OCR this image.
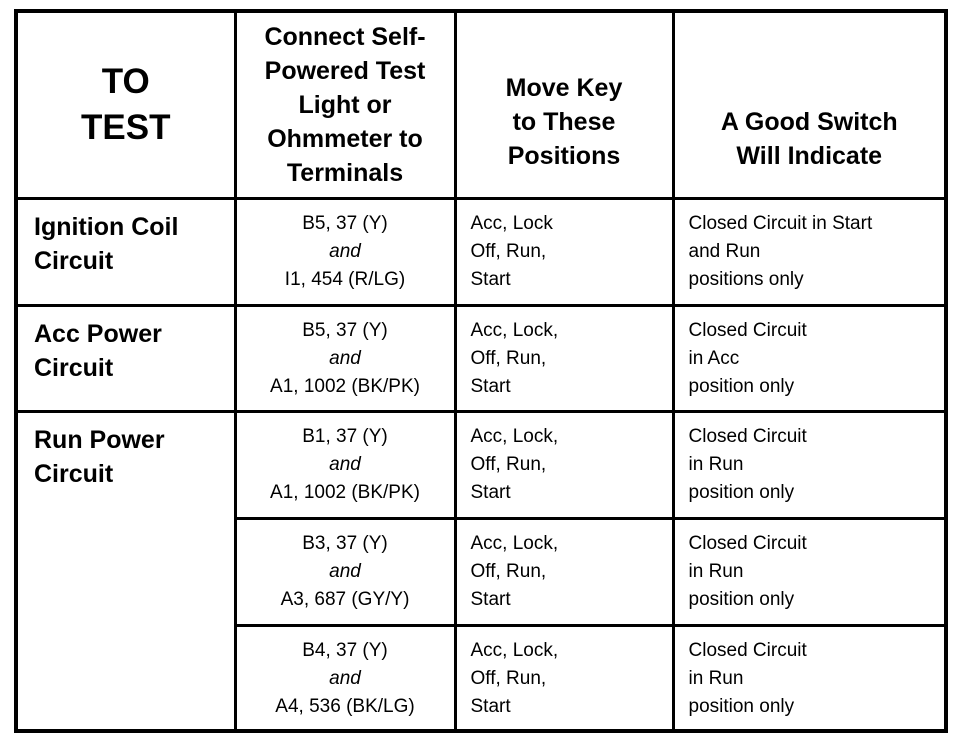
TO
TEST	Connect Self-
Powered Test
Light or
Ohmmeter to
Terminals	Move Key
to These
Positions	A Good Switch
Will Indicate

Ignition Coil
Circuit	B5, 37 (Y)
and
I1, 454 (R/LG)	Acc, Lock
Off, Run,
Start	Closed Circuit in Start
and Run
positions only

Acc Power
Circuit	B5, 37 (Y)
and
A1, 1002 (BK/PK)	Acc, Lock,
Off, Run,
Start	Closed Circuit
in Acc
position only

Run Power
Circuit	B1, 37 (Y)
and
A1, 1002 (BK/PK)	Acc, Lock,
Off, Run,
Start	Closed Circuit
in Run
position only

	B3, 37 (Y)
and
A3, 687 (GY/Y)	Acc, Lock,
Off, Run,
Start	Closed Circuit
in Run
position only

	B4, 37 (Y)
and
A4, 536 (BK/LG)	Acc, Lock,
Off, Run,
Start	Closed Circuit
in Run
position only
